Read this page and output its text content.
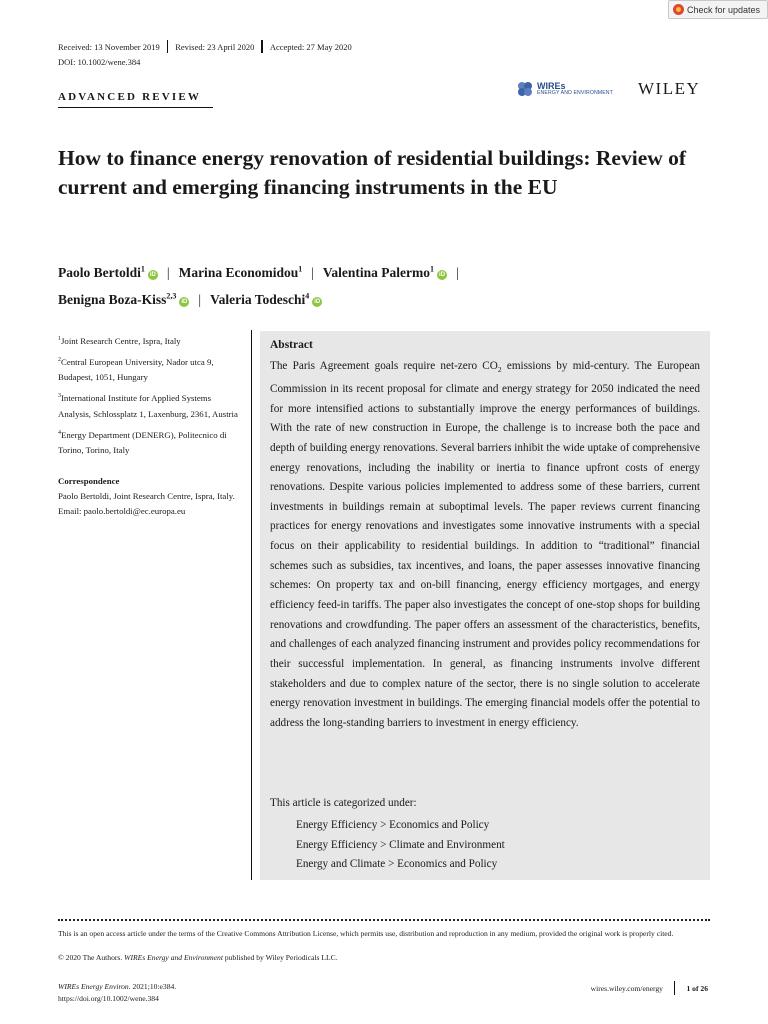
Check for updates
Received: 13 November 2019 Revised: 23 April 2020 Accepted: 27 May 2020
DOI: 10.1002/wene.384
ADVANCED REVIEW
WIREs
ENERGY AND ENVIRONMENT WILEY
How to finance energy renovation of residential buildings: Review of current and emerging financing instruments in the EU
Paolo Bertoldi$^1$iD | Marina Economidou$^1$ | Valentina Palermo$^1$iD |
Benigna Boza-Kiss$^{2,3}$iD | Valeria Todeschi$^4$iD
$^1$Joint Research Centre, Ispra, Italy
$^2$Central European University, Nador utca 9, Budapest, 1051, Hungary
$^3$International Institute for Applied Systems Analysis, Schlossplatz 1, Laxenburg, 2361, Austria
$^4$Energy Department (DENERG), Politecnico di Torino, Torino, Italy
Correspondence
Paolo Bertoldi, Joint Research Centre, Ispra, Italy.
Email: paolo.bertoldi@ec.europa.eu
Abstract
The Paris Agreement goals require net-zero $CO_2$ emissions by mid-century. The European Commission in its recent proposal for climate and energy strategy for 2050 indicated the need for more intensified actions to substantially improve the energy performances of buildings. With the rate of new construction in Europe, the challenge is to increase both the pace and depth of building energy renovations. Several barriers inhibit the wide uptake of comprehensive energy renovations, including the inability or inertia to finance upfront costs of energy renovations. Despite various policies implemented to address some of these barriers, current investments in buildings remain at suboptimal levels. The paper reviews current financing practices for energy renovations and investigates some innovative instruments with a special focus on their applicability to residential buildings. In addition to “traditional” financial schemes such as subsidies, tax incentives, and loans, the paper assesses innovative financing schemes: On property tax and on-bill financing, energy efficiency mortgages, and energy efficiency feed-in tariffs. The paper also investigates the concept of one-stop shops for building renovations and crowdfunding. The paper offers an assessment of the characteristics, benefits, and challenges of each analyzed financing instrument and provides policy recommendations for their successful implementation. In general, as financing instruments involve different stakeholders and due to complex nature of the sector, there is no single solution to accelerate energy renovation investment in buildings. The emerging financial models offer the potential to address the long-standing barriers to investment in energy efficiency.
This article is categorized under:
Energy Efficiency > Economics and Policy
Energy Efficiency > Climate and Environment
Energy and Climate > Economics and Policy
This is an open access article under the terms of the Creative Commons Attribution License, which permits use, distribution and reproduction in any medium, provided the original work is properly cited.
© 2020 The Authors. WIREs Energy and Environment published by Wiley Periodicals LLC.
WIREs Energy Environ. 2021;10:e384.
https://doi.org/10.1002/wene.384
wires.wiley.com/energy	1 of 26
